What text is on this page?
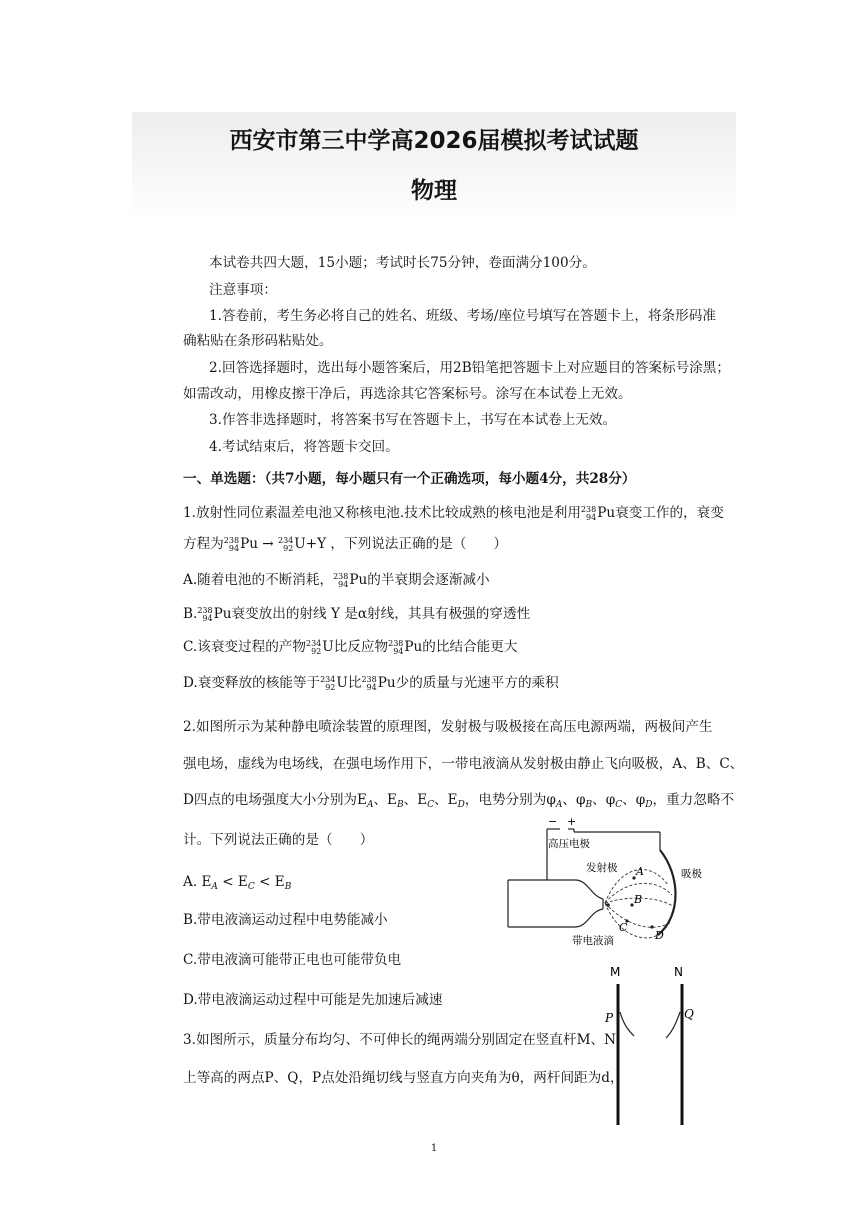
西安市第三中学高2026届模拟考试试题
物理
本试卷共四大题，15小题；考试时长75分钟，卷面满分100分。
注意事项：
1.答卷前，考生务必将自己的姓名、班级、考场/座位号填写在答题卡上，将条形码准
确粘贴在条形码粘贴处。
2.回答选择题时，选出每小题答案后，用2B铅笔把答题卡上对应题目的答案标号涂黑；
如需改动，用橡皮擦干净后，再选涂其它答案标号。涂写在本试卷上无效。
3.作答非选择题时，将答案书写在答题卡上，书写在本试卷上无效。
4.考试结束后，将答题卡交回。
一、单选题：（共7小题，每小题只有一个正确选项，每小题4分，共28分）
1.放射性同位素温差电池又称核电池.技术比较成熟的核电池是利用 238
94 Pu衰变工作的，衰变
方程为 238
94 Pu → 234
92 U+Y ，下列说法正确的是（　　）
A.随着电池的不断消耗， 238
94 Pu的半衰期会逐渐减小
B. 238
94 Pu衰变放出的射线 Y 是α射线，其具有极强的穿透性
C.该衰变过程的产物 234
92 U比反应物 238
94 Pu的比结合能更大
D.衰变释放的核能等于 234
92 U比 238
94 Pu少的质量与光速平方的乘积
2.如图所示为某种静电喷涂装置的原理图，发射极与吸极接在高压电源两端，两极间产生
强电场，虚线为电场线，在强电场作用下，一带电液滴从发射极由静止飞向吸极，A、B、C、
D四点的电场强度大小分别为$E_A$、$E_B$、$E_C$、$E_D$，电势分别为$\varphi_A$、$\varphi_B$、$\varphi_C$、$\varphi_D$，重力忽略不
计。下列说法正确的是（　　）
A. $E_A < E_C < E_B$
B.带电液滴运动过程中电势能减小
C.带电液滴可能带正电也可能带负电
D.带电液滴运动过程中可能是先加速后减速
3.如图所示，质量分布均匀、不可伸长的绳两端分别固定在竖直杆M、N
上等高的两点P、Q，P点处沿绳切线与竖直方向夹角为θ，两杆间距为d，
− +
高压电极
发射极	吸极
带电液滴
A
B
C
D
M	N
P	Q
1
